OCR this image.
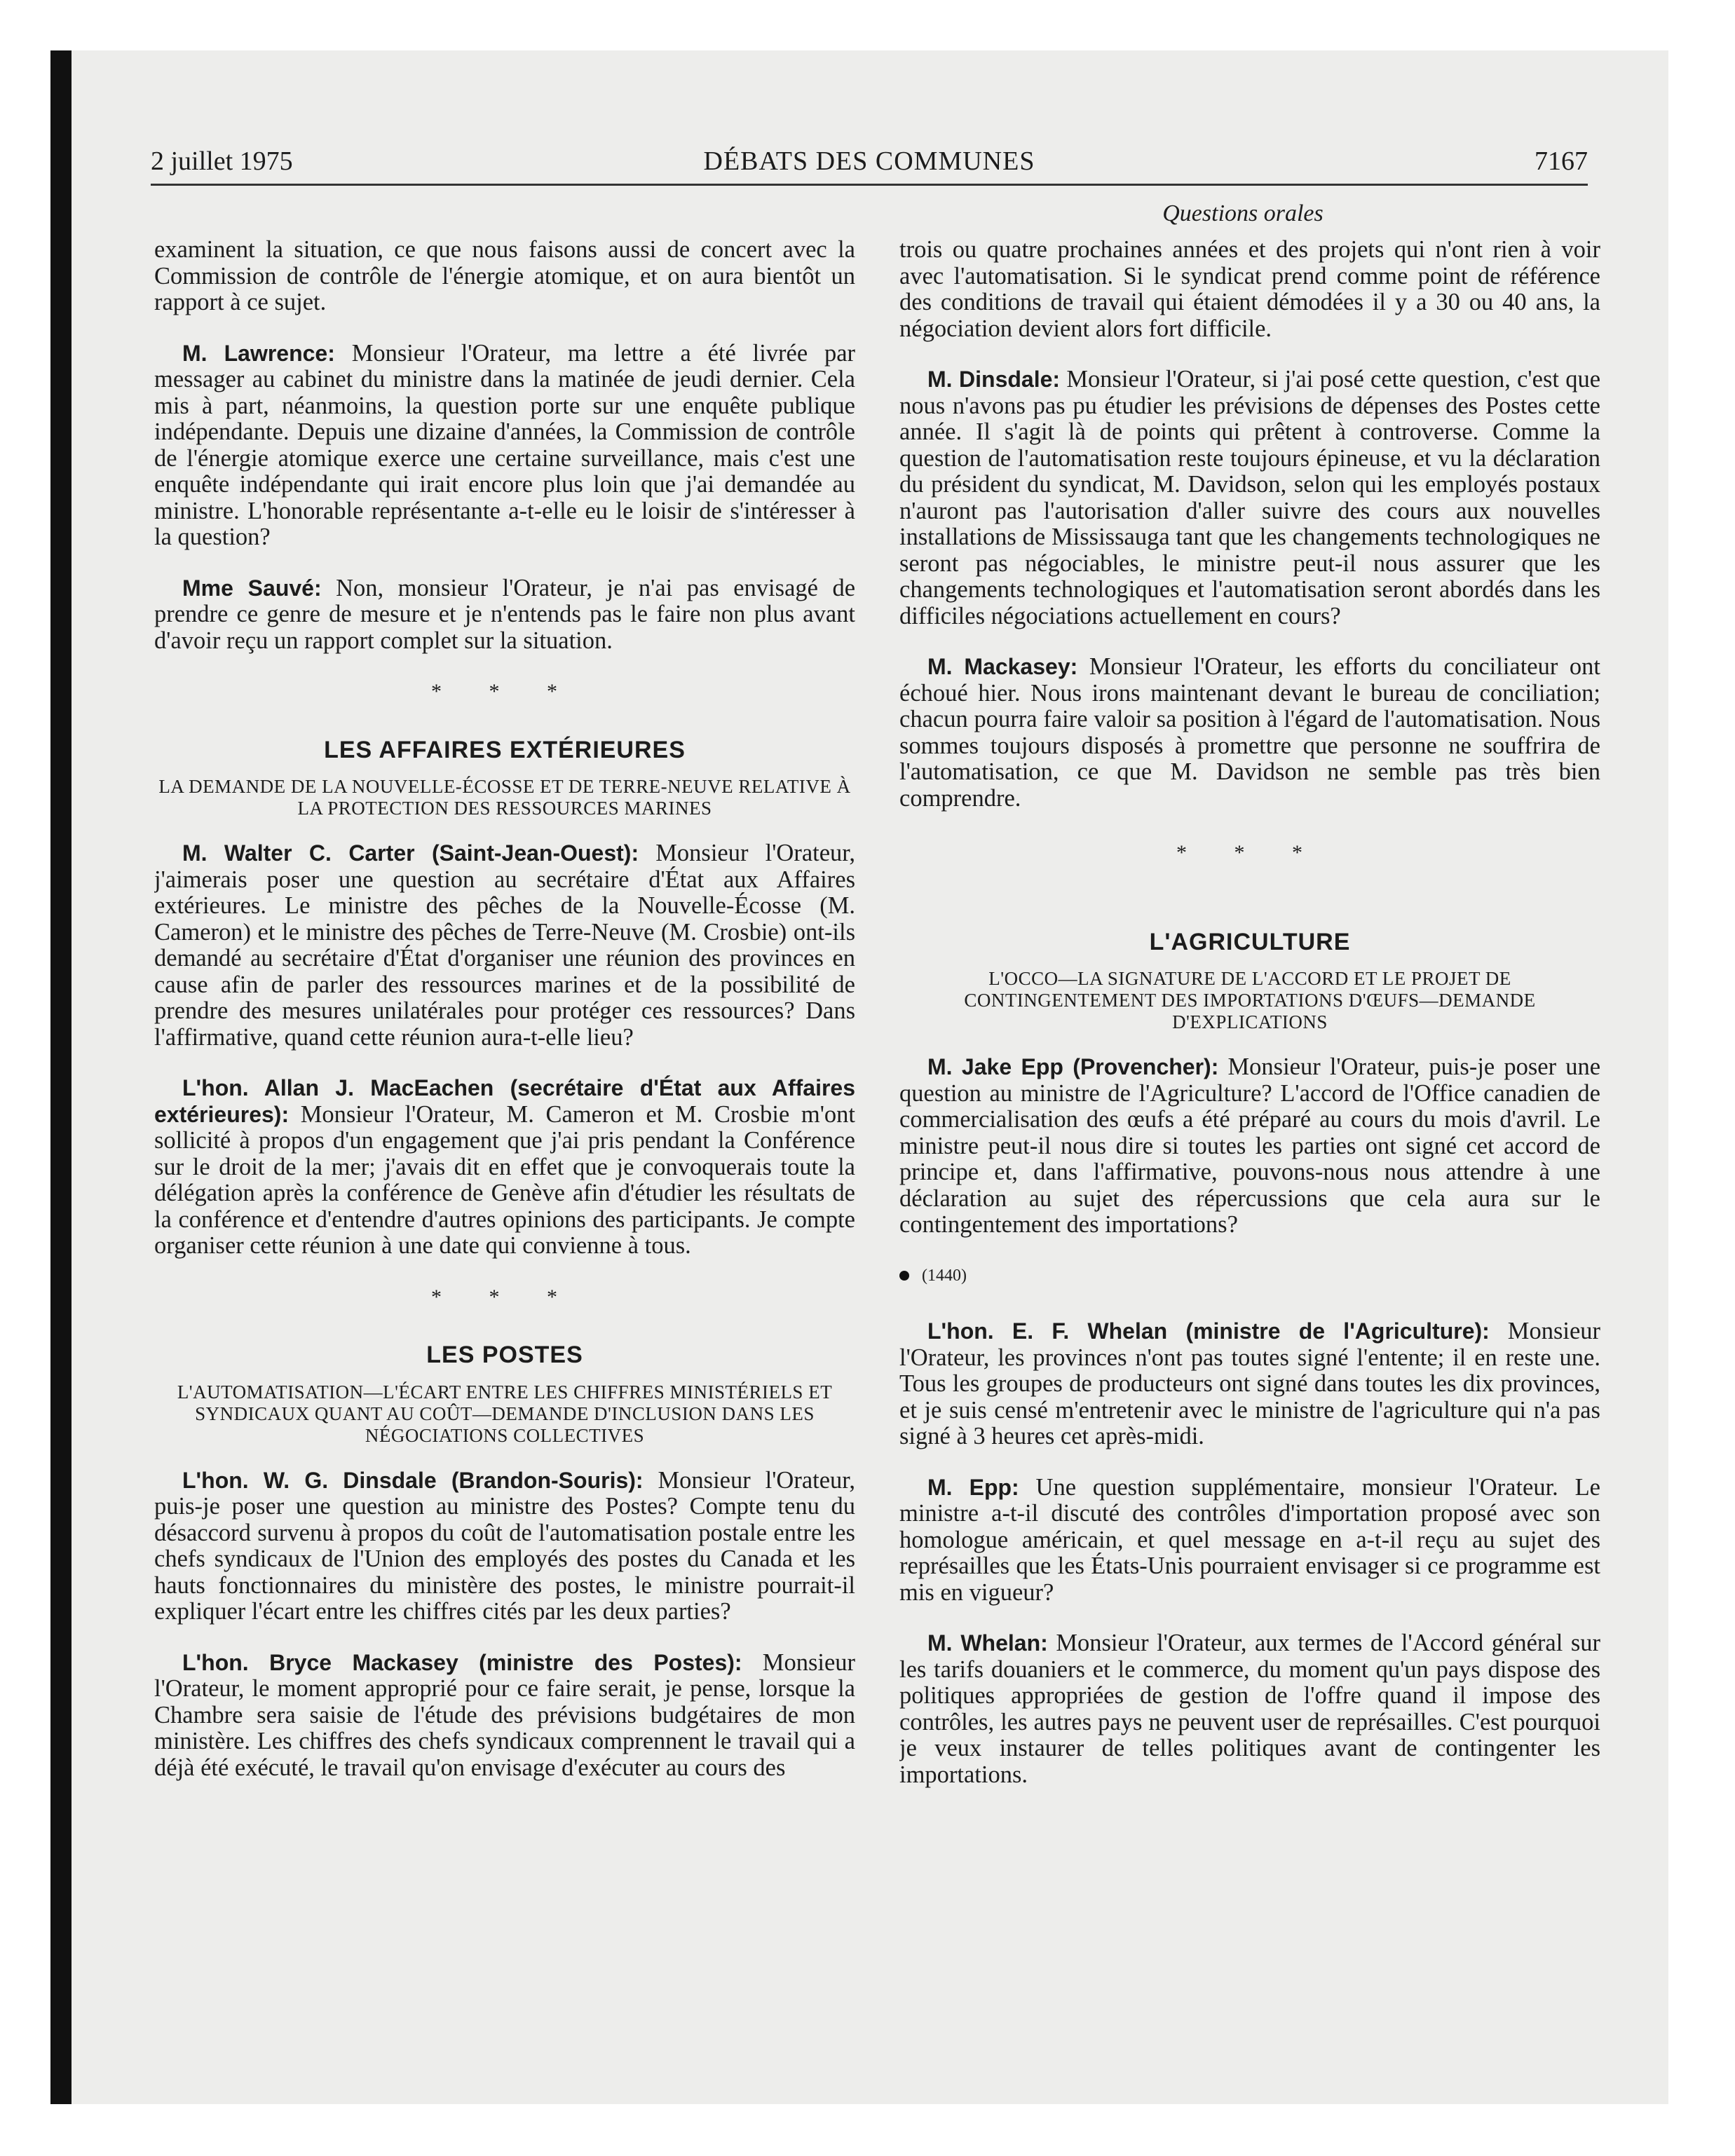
2 juillet 1975	DÉBATS DES COMMUNES	7167
Questions orales

examinent la situation, ce que nous faisons aussi de concert avec la Commission de contrôle de l'énergie atomique, et on aura bientôt un rapport à ce sujet.

M. Lawrence: Monsieur l'Orateur, ma lettre a été livrée par messager au cabinet du ministre dans la matinée de jeudi dernier. Cela mis à part, néanmoins, la question porte sur une enquête publique indépendante. Depuis une dizaine d'années, la Commission de contrôle de l'énergie atomique exerce une certaine surveillance, mais c'est une enquête indépendante qui irait encore plus loin que j'ai demandée au ministre. L'honorable représentante a-t-elle eu le loisir de s'intéresser à la question?

Mme Sauvé: Non, monsieur l'Orateur, je n'ai pas envisagé de prendre ce genre de mesure et je n'entends pas le faire non plus avant d'avoir reçu un rapport complet sur la situation.

* * *
LES AFFAIRES EXTÉRIEURES
LA DEMANDE DE LA NOUVELLE-ÉCOSSE ET DE TERRE-NEUVE RELATIVE À LA PROTECTION DES RESSOURCES MARINES

M. Walter C. Carter (Saint-Jean-Ouest): Monsieur l'Orateur, j'aimerais poser une question au secrétaire d'État aux Affaires extérieures. Le ministre des pêches de la Nouvelle-Écosse (M. Cameron) et le ministre des pêches de Terre-Neuve (M. Crosbie) ont-ils demandé au secrétaire d'État d'organiser une réunion des provinces en cause afin de parler des ressources marines et de la possibilité de prendre des mesures unilatérales pour protéger ces ressources? Dans l'affirmative, quand cette réunion aura-t-elle lieu?

L'hon. Allan J. MacEachen (secrétaire d'État aux Affaires extérieures): Monsieur l'Orateur, M. Cameron et M. Crosbie m'ont sollicité à propos d'un engagement que j'ai pris pendant la Conférence sur le droit de la mer; j'avais dit en effet que je convoquerais toute la délégation après la conférence de Genève afin d'étudier les résultats de la conférence et d'entendre d'autres opinions des participants. Je compte organiser cette réunion à une date qui convienne à tous.

* * *
LES POSTES
L'AUTOMATISATION—L'ÉCART ENTRE LES CHIFFRES MINISTÉRIELS ET SYNDICAUX QUANT AU COÛT—DEMANDE D'INCLUSION DANS LES NÉGOCIATIONS COLLECTIVES

L'hon. W. G. Dinsdale (Brandon-Souris): Monsieur l'Orateur, puis-je poser une question au ministre des Postes? Compte tenu du désaccord survenu à propos du coût de l'automatisation postale entre les chefs syndicaux de l'Union des employés des postes du Canada et les hauts fonctionnaires du ministère des postes, le ministre pourrait-il expliquer l'écart entre les chiffres cités par les deux parties?

L'hon. Bryce Mackasey (ministre des Postes): Monsieur l'Orateur, le moment approprié pour ce faire serait, je pense, lorsque la Chambre sera saisie de l'étude des prévisions budgétaires de mon ministère. Les chiffres des chefs syndicaux comprennent le travail qui a déjà été exécuté, le travail qu'on envisage d'exécuter au cours des

trois ou quatre prochaines années et des projets qui n'ont rien à voir avec l'automatisation. Si le syndicat prend comme point de référence des conditions de travail qui étaient démodées il y a 30 ou 40 ans, la négociation devient alors fort difficile.

M. Dinsdale: Monsieur l'Orateur, si j'ai posé cette question, c'est que nous n'avons pas pu étudier les prévisions de dépenses des Postes cette année. Il s'agit là de points qui prêtent à controverse. Comme la question de l'automatisation reste toujours épineuse, et vu la déclaration du président du syndicat, M. Davidson, selon qui les employés postaux n'auront pas l'autorisation d'aller suivre des cours aux nouvelles installations de Mississauga tant que les changements technologiques ne seront pas négociables, le ministre peut-il nous assurer que les changements technologiques et l'automatisation seront abordés dans les difficiles négociations actuellement en cours?

M. Mackasey: Monsieur l'Orateur, les efforts du conciliateur ont échoué hier. Nous irons maintenant devant le bureau de conciliation; chacun pourra faire valoir sa position à l'égard de l'automatisation. Nous sommes toujours disposés à promettre que personne ne souffrira de l'automatisation, ce que M. Davidson ne semble pas très bien comprendre.

* * *
L'AGRICULTURE
L'OCCO—LA SIGNATURE DE L'ACCORD ET LE PROJET DE CONTINGENTEMENT DES IMPORTATIONS D'ŒUFS—DEMANDE D'EXPLICATIONS

M. Jake Epp (Provencher): Monsieur l'Orateur, puis-je poser une question au ministre de l'Agriculture? L'accord de l'Office canadien de commercialisation des œufs a été préparé au cours du mois d'avril. Le ministre peut-il nous dire si toutes les parties ont signé cet accord de principe et, dans l'affirmative, pouvons-nous nous attendre à une déclaration au sujet des répercussions que cela aura sur le contingentement des importations?

(1440)

L'hon. E. F. Whelan (ministre de l'Agriculture): Monsieur l'Orateur, les provinces n'ont pas toutes signé l'entente; il en reste une. Tous les groupes de producteurs ont signé dans toutes les dix provinces, et je suis censé m'entretenir avec le ministre de l'agriculture qui n'a pas signé à 3 heures cet après-midi.

M. Epp: Une question supplémentaire, monsieur l'Orateur. Le ministre a-t-il discuté des contrôles d'importation proposé avec son homologue américain, et quel message en a-t-il reçu au sujet des représailles que les États-Unis pourraient envisager si ce programme est mis en vigueur?

M. Whelan: Monsieur l'Orateur, aux termes de l'Accord général sur les tarifs douaniers et le commerce, du moment qu'un pays dispose des politiques appropriées de gestion de l'offre quand il impose des contrôles, les autres pays ne peuvent user de représailles. C'est pourquoi je veux instaurer de telles politiques avant de contingenter les importations.
